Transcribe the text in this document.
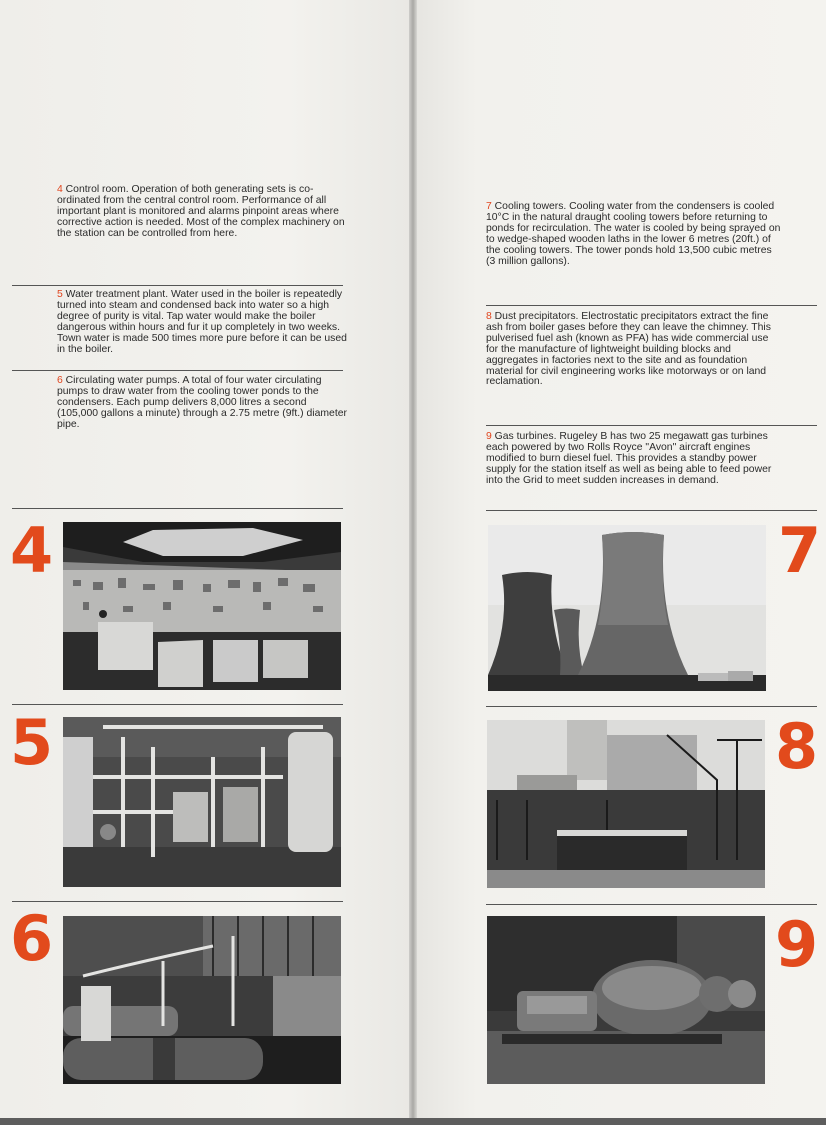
4 Control room. Operation of both generating sets is co-ordinated from the central control room. Performance of all important plant is monitored and alarms pinpoint areas where corrective action is needed. Most of the complex machinery on the station can be controlled from here.
5 Water treatment plant. Water used in the boiler is repeatedly turned into steam and condensed back into water so a high degree of purity is vital. Tap water would make the boiler dangerous within hours and fur it up completely in two weeks. Town water is made 500 times more pure before it can be used in the boiler.
6 Circulating water pumps. A total of four water circulating pumps to draw water from the cooling tower ponds to the condensers. Each pump delivers 8,000 litres a second (105,000 gallons a minute) through a 2.75 metre (9ft.) diameter pipe.
7 Cooling towers. Cooling water from the condensers is cooled 10°C in the natural draught cooling towers before returning to ponds for recirculation. The water is cooled by being sprayed on to wedge-shaped wooden laths in the lower 6 metres (20ft.) of the cooling towers. The tower ponds hold 13,500 cubic metres (3 million gallons).
8 Dust precipitators. Electrostatic precipitators extract the fine ash from boiler gases before they can leave the chimney. This pulverised fuel ash (known as PFA) has wide commercial use for the manufacture of lightweight building blocks and aggregates in factories next to the site and as foundation material for civil engineering works like motorways or on land reclamation.
9 Gas turbines. Rugeley B has two 25 megawatt gas turbines each powered by two Rolls Royce "Avon" aircraft engines modified to burn diesel fuel. This provides a standby power supply for the station itself as well as being able to feed power into the Grid to meet sudden increases in demand.
4
5
6
7
8
9
